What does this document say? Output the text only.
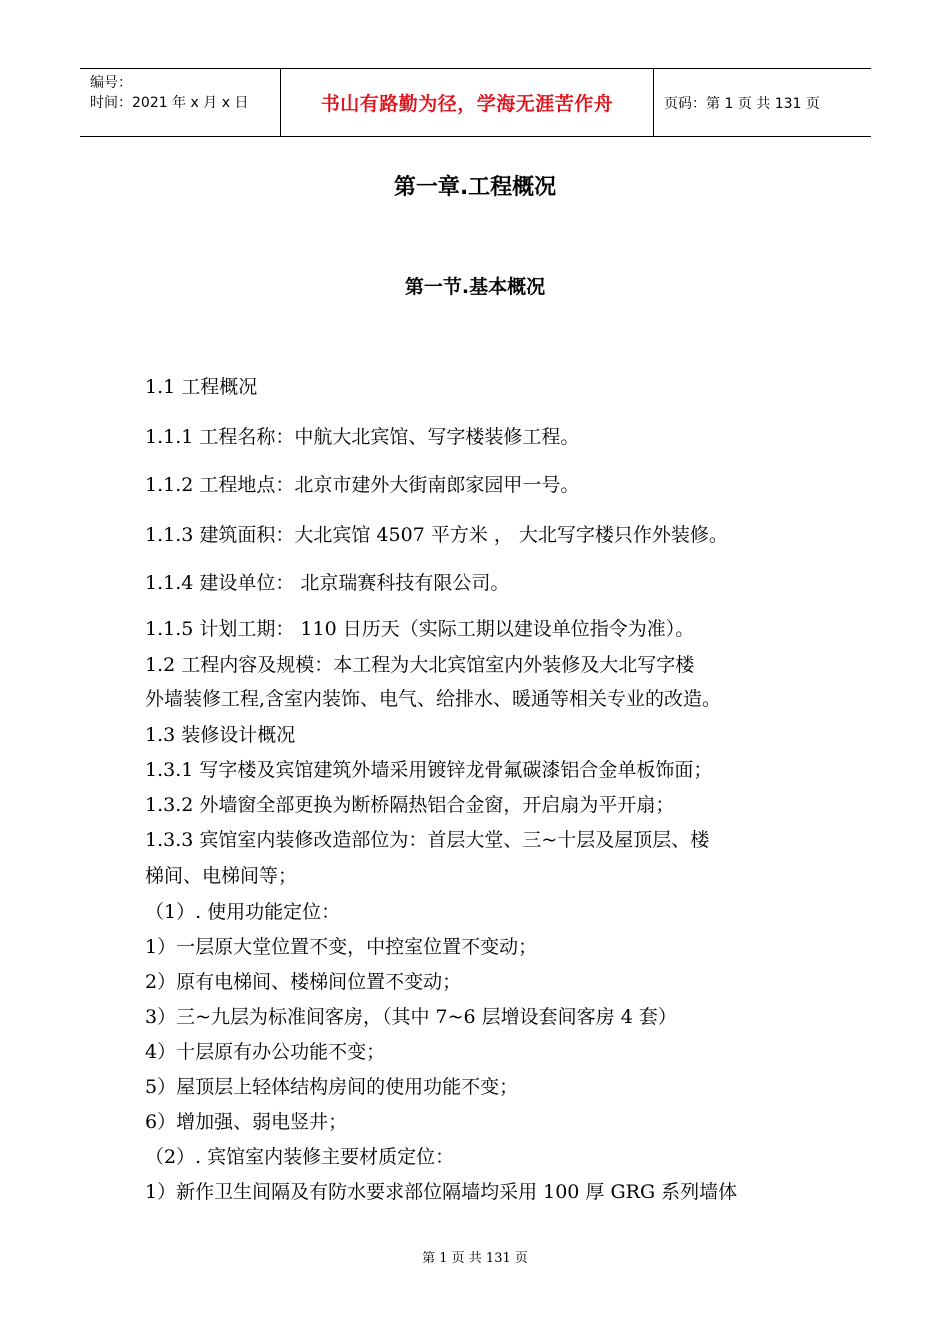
编号：
时间：2021 年 x 月 x 日	书山有路勤为径，学海无涯苦作舟	页码：第 1 页 共 131 页
第一章.工程概况
第一节.基本概况
1.1 工程概况
1.1.1 工程名称：中航大北宾馆、写字楼装修工程。
1.1.2 工程地点：北京市建外大街南郎家园甲一号。
1.1.3 建筑面积：大北宾馆 4507 平方米 ， 大北写字楼只作外装修。
1.1.4 建设单位： 北京瑞赛科技有限公司。
1.1.5 计划工期： 110 日历天（实际工期以建设单位指令为准）。
1.2 工程内容及规模：本工程为大北宾馆室内外装修及大北写字楼
外墙装修工程,含室内装饰、电气、给排水、暖通等相关专业的改造。
1.3 装修设计概况
1.3.1 写字楼及宾馆建筑外墙采用镀锌龙骨氟碳漆铝合金单板饰面；
1.3.2 外墙窗全部更换为断桥隔热铝合金窗，开启扇为平开扇；
1.3.3 宾馆室内装修改造部位为：首层大堂、三~十层及屋顶层、楼
梯间、电梯间等；
（1）. 使用功能定位：
1）一层原大堂位置不变，中控室位置不变动；
2）原有电梯间、楼梯间位置不变动；
3）三~九层为标准间客房，（其中 7~6 层增设套间客房 4 套）
4）十层原有办公功能不变；
5）屋顶层上轻体结构房间的使用功能不变；
6）增加强、弱电竖井；
（2）. 宾馆室内装修主要材质定位：
1）新作卫生间隔及有防水要求部位隔墙均采用 100 厚 GRG 系列墙体
第 1 页 共 131 页
